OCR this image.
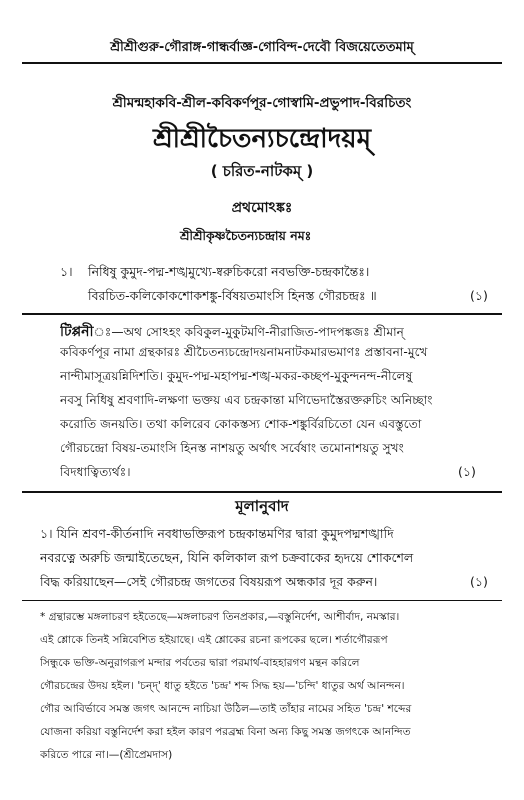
শ্রীশ্রীগুরু-গৌরাঙ্গ-গান্ধর্বাজ্ঞ-গোবিন্দ-দেবৌ বিজয়েতেতমাম্
শ্রীমন্মহাকবি-শ্রীল-কবিকর্ণপূর-গোস্বামি-প্রভুপাদ-বিরচিতং
শ্রীশ্রীচৈতন্যচন্দ্রোদয়ম্
( চরিত-নাটকম্ )
প্রথমোঽঙ্কঃ
শ্রীশ্রীকৃষ্ণচৈতন্যচন্দ্রায় নমঃ
১। নিধিষু কুমুদ-পদ্ম-শঙ্খমুখ্যে-ষ্বরুচিকরো নবভক্তি-চন্দ্রকান্তৈঃ।
বিরচিত-কলিকোকশোকশঙ্কু-র্বিষয়তমাংসি হিনস্ত গৌরচন্দ্রঃ ॥	(১)
টিপ্পনীঃ—অথ সোঽহং কবিকুল-মুকুটমণি-নীরাজিত-পাদপঙ্কজঃ শ্রীমান্
কবিকর্ণপূর নামা গ্রন্থকারঃ শ্রীচৈতন্যচন্দ্রোদয়নামনাটকমারভমাণঃ প্রস্তাবনা-মুখে
নান্দীমাসূত্রয়ন্নিদিশতি। কুমুদ-পদ্ম-মহাপদ্ম-শঙ্খ-মকর-কচ্ছপ-মুকুন্দনন্দ-নীলেষু
নবসু নিধিষু শ্রবণাদি-লক্ষণা ভক্তয় এব চন্দ্রকান্তা মণিভেদাস্তৈরক্তরুচিং অনিচ্ছাং
করোতি জনয়তি। তথা কলিরেব কোকস্তস্য শোক-শঙ্কুর্বিরচিতো যেন এবস্তুতো
গৌরচন্দ্রো বিষয়-তমাংসি হিনস্ত নাশয়তু অর্থাৎ সর্বেষাং তমোনাশয়তু সুখং
বিদধাত্বিত্যর্থঃ।	(১)
মূলানুবাদ
১। যিনি শ্রবণ-কীর্তনাদি নবধাভক্তিরূপ চন্দ্রকান্তমণির দ্বারা কুমুদপদ্মশঙ্খাদি
নবরত্নে অরুচি জন্মাইতেছেন, যিনি কলিকাল রূপ চক্রবাকের হৃদয়ে শোকশেল
বিদ্ধ করিয়াছেন—সেই গৌরচন্দ্র জগতের বিষয়রূপ অন্ধকার দূর করুন।	(১)
* গ্রন্থারম্ভে মঙ্গলাচরণ হইতেছে—মঙ্গলাচরণ তিনপ্রকার,—বস্তুনির্দেশ, আশীর্বাদ, নমস্কার।
এই শ্লোকে তিনই সন্নিবেশিত হইয়াছে। এই শ্লোকের রচনা রূপকের ছলে। শর্তাগৌররূপ
সিন্ধুকে ভক্তি-অনুরাগরূপ মন্দার পর্বতের দ্বারা পরমার্থ-বাহহারগণ মন্থন করিলে
গৌরচন্দ্রের উদয় হইল। 'চন্দ্' ধাতু হইতে 'চন্দ্র' শব্দ সিদ্ধ হয়—'চন্দি' ধাতুর অর্থ আনন্দন।
গৌর আবির্ভাবে সমস্ত জগৎ আনন্দে নাচিয়া উঠিল—তাই তাঁহার নামের সহিত 'চন্দ্র' শব্দের
যোজনা করিয়া বস্তুনির্দেশ করা হইল কারণ পরব্রহ্ম বিনা অন্য কিছু সমস্ত জগৎকে আনন্দিত
করিতে পারে না।—(শ্রীপ্রেমদাস)
